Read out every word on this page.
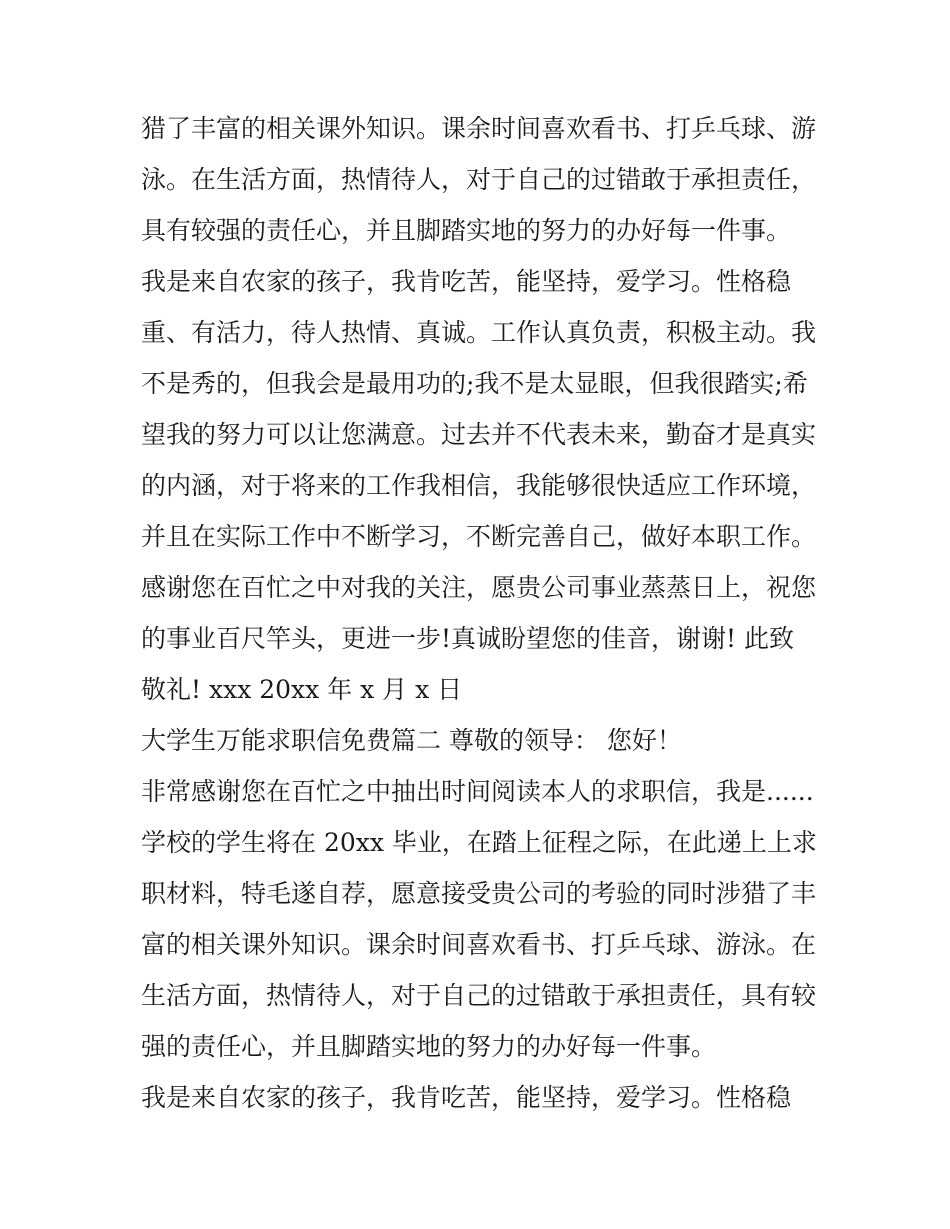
猎了丰富的相关课外知识。课余时间喜欢看书、打乒乓球、游
泳。在生活方面，热情待人，对于自己的过错敢于承担责任，
具有较强的责任心，并且脚踏实地的努力的办好每一件事。
我是来自农家的孩子，我肯吃苦，能坚持，爱学习。性格稳
重、有活力，待人热情、真诚。工作认真负责，积极主动。我
不是秀的，但我会是最用功的;我不是太显眼，但我很踏实;希
望我的努力可以让您满意。过去并不代表未来，勤奋才是真实
的内涵，对于将来的工作我相信，我能够很快适应工作环境，
并且在实际工作中不断学习，不断完善自己，做好本职工作。
感谢您在百忙之中对我的关注，愿贵公司事业蒸蒸日上，祝您
的事业百尺竿头，更进一步!真诚盼望您的佳音，谢谢! 此致
敬礼! xxx 20xx 年 x 月 x 日
大学生万能求职信免费篇二 尊敬的领导： 您好！
非常感谢您在百忙之中抽出时间阅读本人的求职信，我是......
学校的学生将在 20xx 毕业，在踏上征程之际，在此递上上求
职材料，特毛遂自荐，愿意接受贵公司的考验的同时涉猎了丰
富的相关课外知识。课余时间喜欢看书、打乒乓球、游泳。在
生活方面，热情待人，对于自己的过错敢于承担责任，具有较
强的责任心，并且脚踏实地的努力的办好每一件事。
我是来自农家的孩子，我肯吃苦，能坚持，爱学习。性格稳
